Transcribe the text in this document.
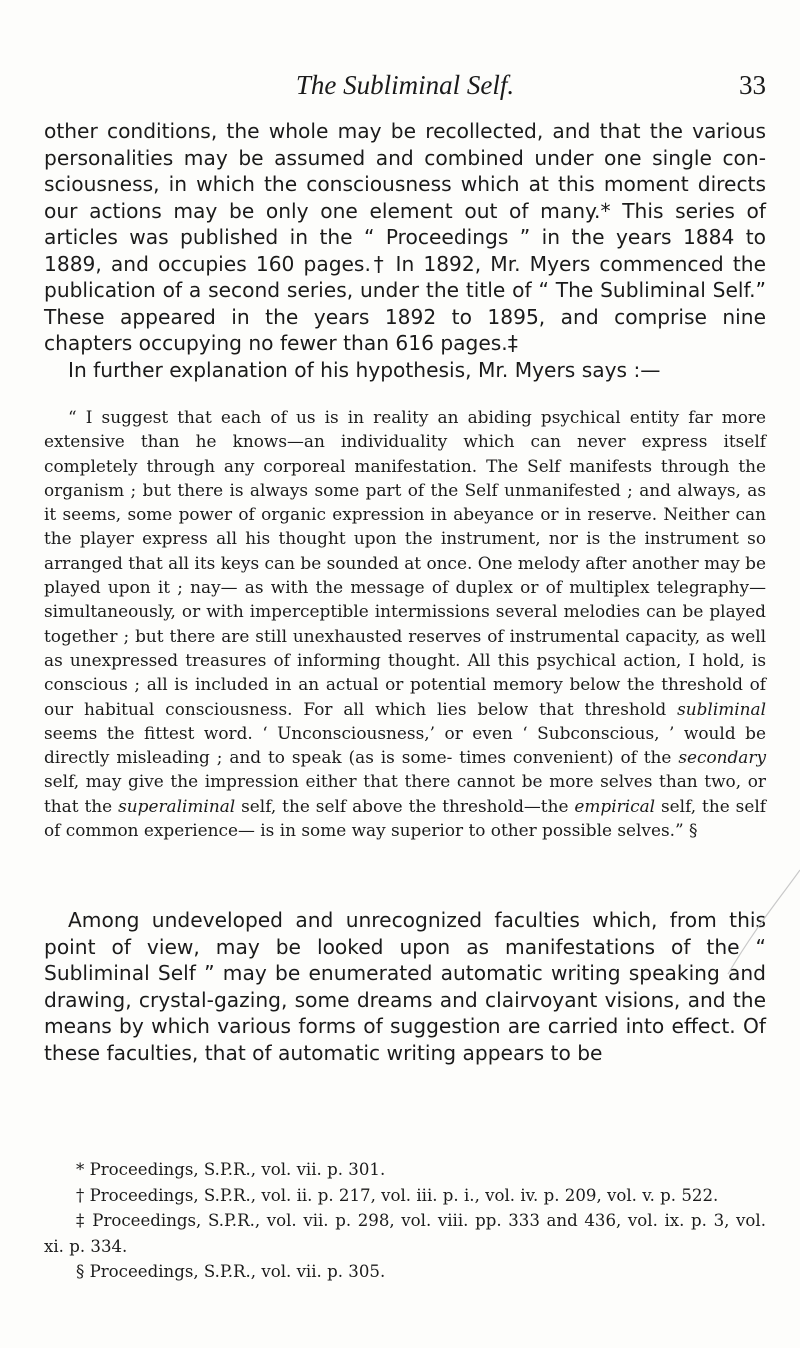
The Subliminal Self.	33

other conditions, the whole may be recollected, and that the various personalities may be assumed and combined under one single con- sciousness, in which the consciousness which at this moment directs our actions may be only one element out of many.* This series of articles was published in the “ Proceedings ” in the years 1884 to 1889, and occupies 160 pages.† In 1892, Mr. Myers commenced the publication of a second series, under the title of “ The Subliminal Self.” These appeared in the years 1892 to 1895, and comprise nine chapters occupying no fewer than 616 pages.‡

In further explanation of his hypothesis, Mr. Myers says :—

“ I suggest that each of us is in reality an abiding psychical entity far more extensive than he knows—an individuality which can never express itself completely through any corporeal manifestation. The Self manifests through the organism ; but there is always some part of the Self unmanifested ; and always, as it seems, some power of organic expression in abeyance or in reserve. Neither can the player express all his thought upon the instrument, nor is the instrument so arranged that all its keys can be sounded at once. One melody after another may be played upon it ; nay— as with the message of duplex or of multiplex telegraphy—simultaneously, or with imperceptible intermissions several melodies can be played together ; but there are still unexhausted reserves of instrumental capacity, as well as unexpressed treasures of informing thought. All this psychical action, I hold, is conscious ; all is included in an actual or potential memory below the threshold of our habitual consciousness. For all which lies below that threshold subliminal seems the fittest word. ‘ Unconsciousness,’ or even ‘ Subconscious, ’ would be directly misleading ; and to speak (as is some- times convenient) of the secondary self, may give the impression either that there cannot be more selves than two, or that the superaliminal self, the self above the threshold—the empirical self, the self of common experience— is in some way superior to other possible selves.” §

Among undeveloped and unrecognized faculties which, from this point of view, may be looked upon as manifestations of the “ Subliminal Self ” may be enumerated automatic writing speaking and drawing, crystal-gazing, some dreams and clairvoyant visions, and the means by which various forms of suggestion are carried into effect. Of these faculties, that of automatic writing appears to be

* Proceedings, S.P.R., vol. vii. p. 301.

† Proceedings, S.P.R., vol. ii. p. 217, vol. iii. p. i., vol. iv. p. 209, vol. v. p. 522.

‡ Proceedings, S.P.R., vol. vii. p. 298, vol. viii. pp. 333 and 436, vol. ix. p. 3, vol. xi. p. 334.

§ Proceedings, S.P.R., vol. vii. p. 305.
